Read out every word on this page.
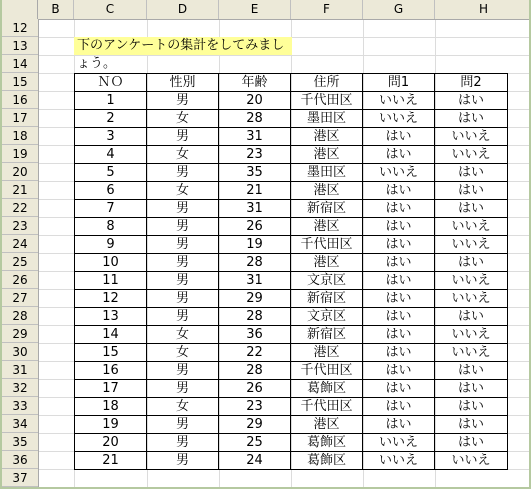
B	C	D	E	F	G	H
12
13
14
15
16
17
18
19
20
21
22
23
24
25
26
27
28
29
30
31
32
33
34
35
36
37
下のアンケートの集計をしてみましょう。
ＮＯ	性別	年齢	住所	問1	問2
1	男	20	千代田区	いいえ	はい
2	女	28	墨田区	いいえ	はい
3	男	31	港区	はい	いいえ
4	女	23	港区	はい	いいえ
5	男	35	墨田区	いいえ	はい
6	女	21	港区	はい	はい
7	男	31	新宿区	はい	はい
8	男	26	港区	はい	いいえ
9	男	19	千代田区	はい	いいえ
10	男	28	港区	はい	はい
11	男	31	文京区	はい	いいえ
12	男	29	新宿区	はい	いいえ
13	男	28	文京区	はい	はい
14	女	36	新宿区	はい	いいえ
15	女	22	港区	はい	いいえ
16	男	28	千代田区	はい	はい
17	男	26	葛飾区	はい	はい
18	女	23	千代田区	はい	はい
19	男	29	港区	はい	はい
20	男	25	葛飾区	いいえ	はい
21	男	24	葛飾区	いいえ	いいえ
